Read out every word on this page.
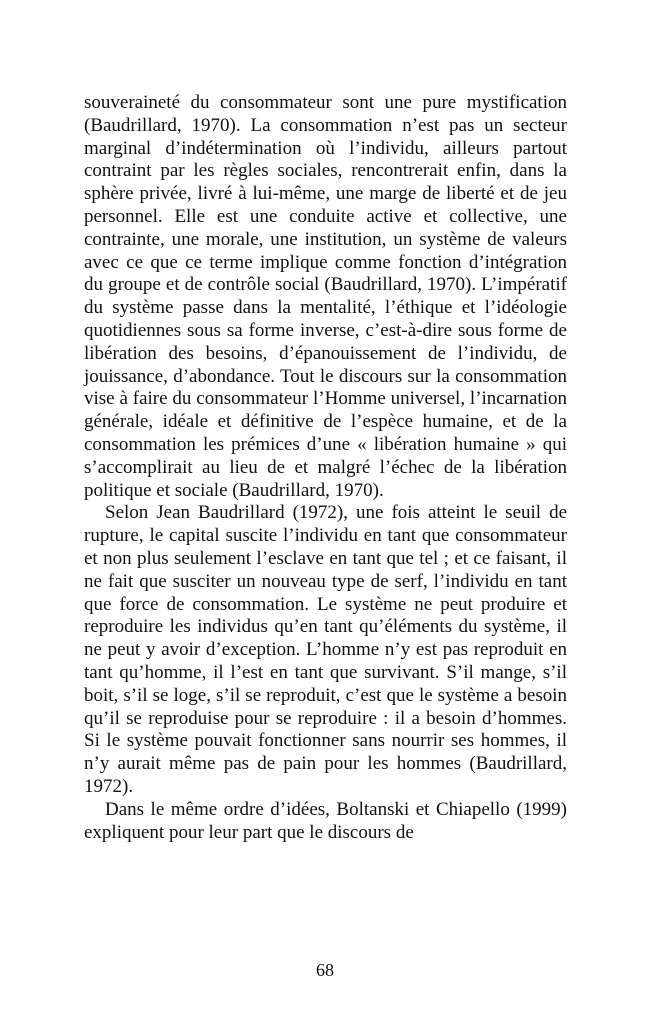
souveraineté du consommateur sont une pure mystification (Baudrillard, 1970). La consommation n’est pas un secteur marginal d’indétermination où l’individu, ailleurs partout contraint par les règles sociales, rencontrerait enfin, dans la sphère privée, livré à lui-même, une marge de liberté et de jeu personnel. Elle est une conduite active et collective, une contrainte, une morale, une institution, un système de valeurs avec ce que ce terme implique comme fonction d’intégration du groupe et de contrôle social (Baudrillard, 1970). L’impératif du système passe dans la mentalité, l’éthique et l’idéologie quotidiennes sous sa forme inverse, c’est-à-dire sous forme de libération des besoins, d’épanouissement de l’individu, de jouissance, d’abondance. Tout le discours sur la consommation vise à faire du consommateur l’Homme universel, l’incarnation générale, idéale et définitive de l’espèce humaine, et de la consommation les prémices d’une « libération humaine » qui s’accomplirait au lieu de et malgré l’échec de la libération politique et sociale (Baudrillard, 1970).

Selon Jean Baudrillard (1972), une fois atteint le seuil de rupture, le capital suscite l’individu en tant que consommateur et non plus seulement l’esclave en tant que tel ; et ce faisant, il ne fait que susciter un nouveau type de serf, l’individu en tant que force de consommation. Le système ne peut produire et reproduire les individus qu’en tant qu’éléments du système, il ne peut y avoir d’exception. L’homme n’y est pas reproduit en tant qu’homme, il l’est en tant que survivant. S’il mange, s’il boit, s’il se loge, s’il se reproduit, c’est que le système a besoin qu’il se reproduise pour se reproduire : il a besoin d’hommes. Si le système pouvait fonctionner sans nourrir ses hommes, il n’y aurait même pas de pain pour les hommes (Baudrillard, 1972).

Dans le même ordre d’idées, Boltanski et Chiapello (1999) expliquent pour leur part que le discours de

68
